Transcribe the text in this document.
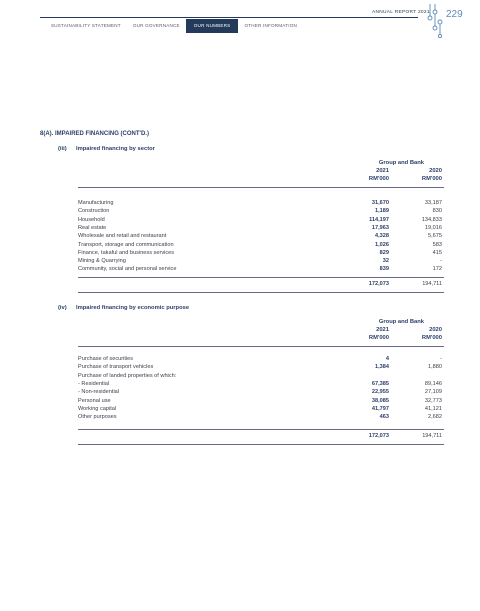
SUSTAINABILITY STATEMENT	OUR GOVERNANCE	OUR NUMBERS	OTHER INFORMATION
ANNUAL REPORT 2021 229
8(A). IMPAIRED FINANCING (CONT'D.)
(iii) Impaired financing by sector
Group and Bank
2021	2020
RM'000	RM'000
Manufacturing	31,670	33,187
Construction	1,189	830
Household	114,197	134,833
Real estate	17,963	19,016
Wholesale and retail and restaurant	4,328	5,675
Transport, storage and communication	1,026	583
Finance, takaful and business services	829	415
Mining & Quarrying	32	-
Community, social and personal service	839	172
172,073	194,711
(iv) Impaired financing by economic purpose
Group and Bank
2021	2020
RM'000	RM'000
Purchase of securities	4	-
Purchase of transport vehicles	1,384	1,880
Purchase of landed properties of which:
- Residential	67,385	89,146
- Non-residential	22,955	27,109
Personal use	38,085	32,773
Working capital	41,797	41,121
Other purposes	463	2,682
172,073	194,711
